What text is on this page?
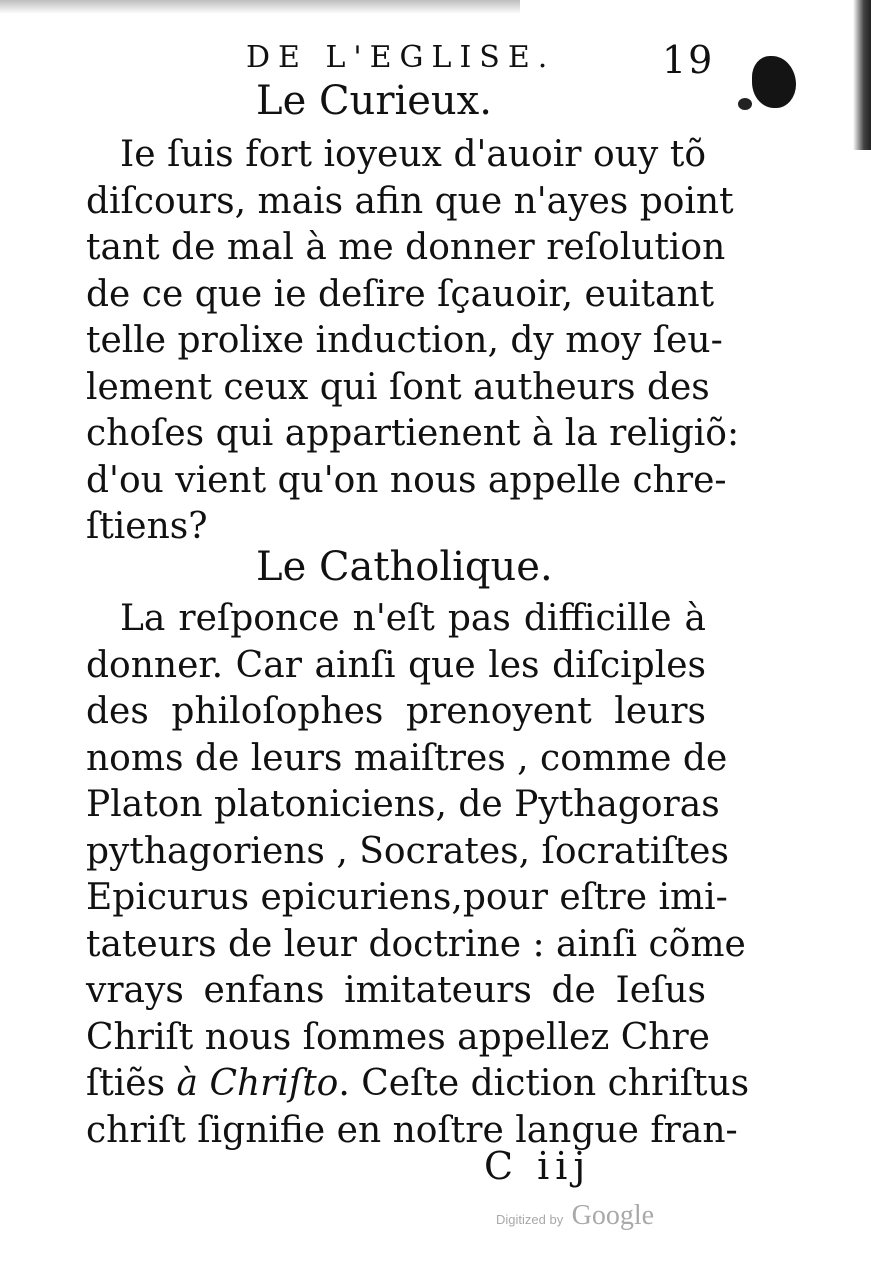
DE L'EGLISE.	19
Le Curieux.
Ie ſuis fort ioyeux d'auoir ouy tõ
diſcours, mais afin que n'ayes point
tant de mal à me donner reſolution
de ce que ie deſire ſçauoir, euitant
telle prolixe induction, dy moy ſeu-
lement ceux qui ſont autheurs des
choſes qui appartienent à la religiõ:
d'ou vient qu'on nous appelle chre-
ſtiens?
Le Catholique.
La reſponce n'eſt pas difficille à
donner. Car ainſi que les diſciples
des philoſophes prenoyent leurs
noms de leurs maiſtres , comme de
Platon platoniciens, de Pythagoras
pythagoriens , Socrates, ſocratiſtes
Epicurus epicuriens,pour eſtre imi-
tateurs de leur doctrine : ainſi cõme
vrays enfans imitateurs de Ieſus
Chriſt nous ſommes appellez Chre
ſtiẽs à Chriſto. Ceſte diction chriſtus
chriſt ſignifie en noſtre langue fran-
C iij
Digitized by Google
